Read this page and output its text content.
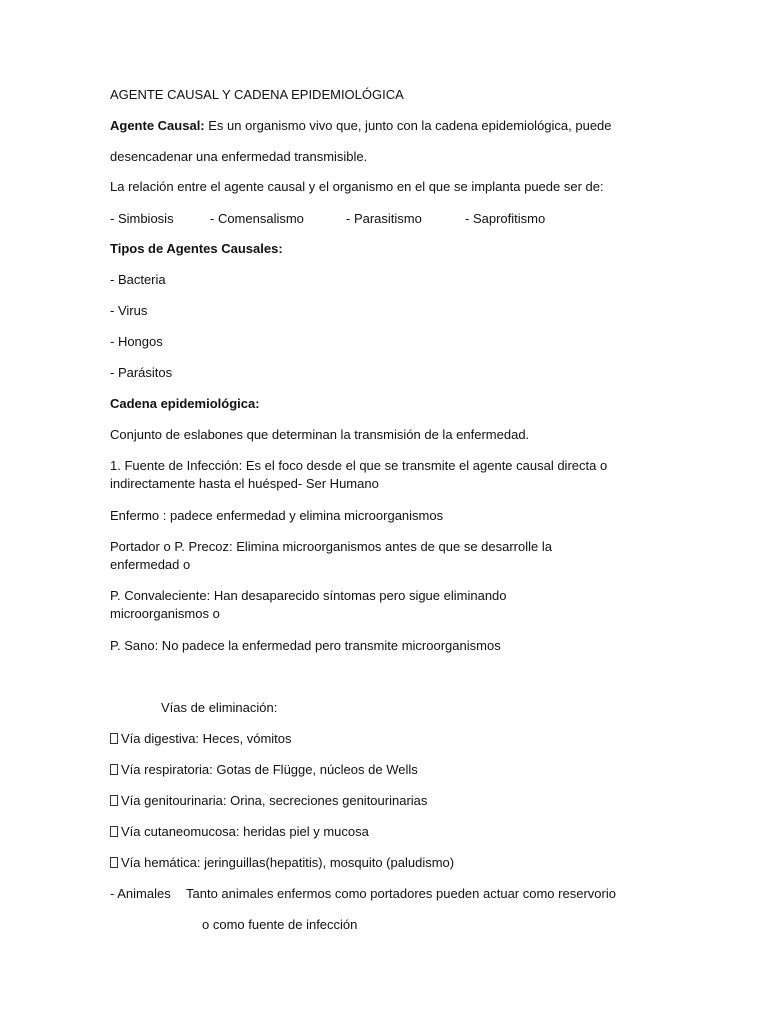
AGENTE CAUSAL Y CADENA EPIDEMIOLÓGICA
Agente Causal: Es un organismo vivo que, junto con la cadena epidemiológica, puede
desencadenar una enfermedad transmisible.
La relación entre el agente causal y el organismo en el que se implanta puede ser de:
- Simbiosis	- Comensalismo	- Parasitismo	- Saprofitismo
Tipos de Agentes Causales:
- Bacteria
- Virus
- Hongos
- Parásitos
Cadena epidemiológica:
Conjunto de eslabones que determinan la transmisión de la enfermedad.
1. Fuente de Infección: Es el foco desde el que se transmite el agente causal directa o indirectamente hasta el huésped- Ser Humano
Enfermo : padece enfermedad y elimina microorganismos
Portador o P. Precoz: Elimina microorganismos antes de que se desarrolle la enfermedad o
P. Convaleciente: Han desaparecido síntomas pero sigue eliminando microorganismos o
P. Sano: No padece la enfermedad pero transmite microorganismos
Vías de eliminación:
Vía digestiva: Heces, vómitos
Vía respiratoria: Gotas de Flügge, núcleos de Wells
Vía genitourinaria: Orina, secreciones genitourinarias
Vía cutaneomucosa: heridas piel y mucosa
Vía hemática: jeringuillas(hepatitis), mosquito (paludismo)
- Animales Tanto animales enfermos como portadores pueden actuar como reservorio
o como fuente de infección
